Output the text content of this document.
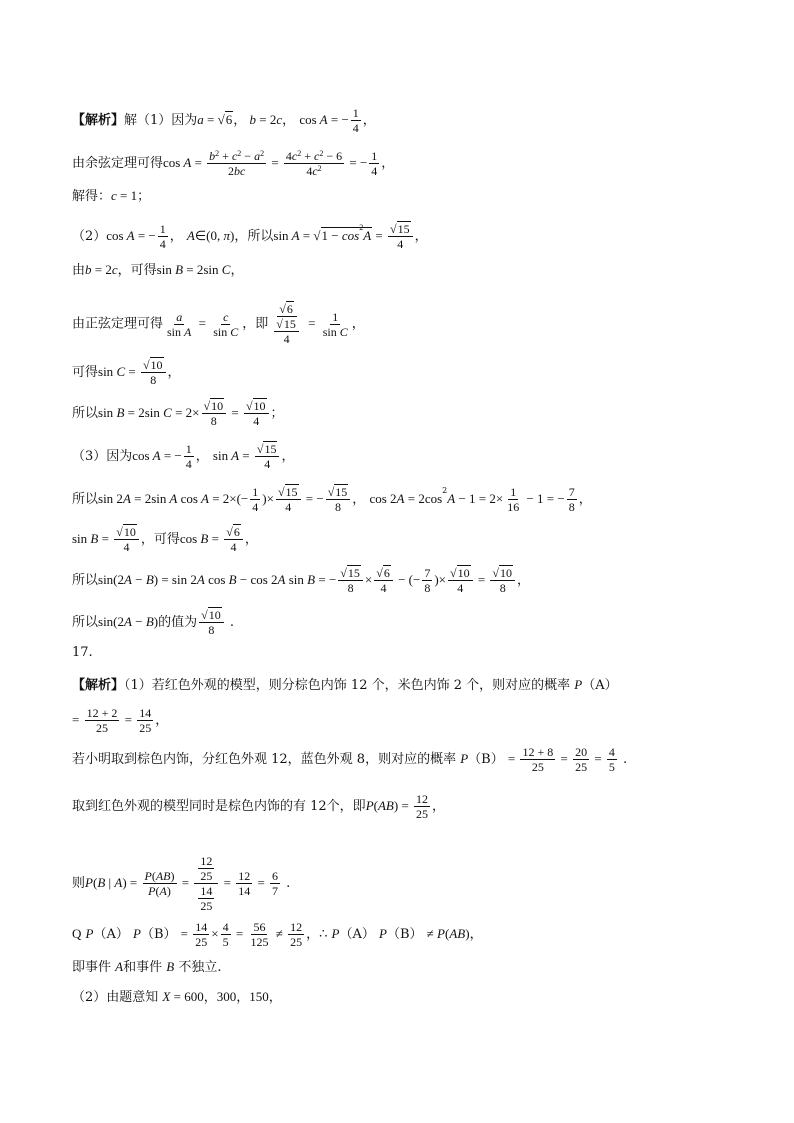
【解析】解（1）因为a = √6， b = 2c， cos A = − $\frac{1}{4}$ ，
由余弦定理可得$\cos A = \frac{b^2 + c^2 - a^2}{2bc} = \frac{4c^2 + c^2 - 6}{4c^2}$ = − $\frac{1}{4}$ ，
解得：c = 1；
（2）cos A = − $\frac{1}{4}$ ， A∈(0, π)，所以$\sin A = √1 - \cos^2A = \frac{√15}{4}$ ，
由b = 2c，可得sin B = 2sin C，
由正弦定理可得 $\frac{a}{\text{sin A}} = \frac{c}{\text{sin C}}$ ，即 $\frac{√6}{\frac{√15}{4}} = \frac{1}{\text{sin C}}$ ，
可得$\sin C = \frac{√10}{8}$ ，
所以sin B = 2sin $C = 2\times \frac{√10}{8} = \frac{√10}{4}$ ；
（3）因为cos A = − $\frac{1}{4}$ ， $\sin A = \frac{√15}{4}$ ，
所以sin 2A = 2sin A $\cos A = 2\times(- \frac{1}{4}$ )× $\frac{√15}{4}$ = − $\frac{√15}{8}$ ， $\cos 2A = 2\cos^2A - 1 = 2\times \frac{1}{16} - 1$ = − $\frac{7}{8}$ ，
$\sin B = \frac{√10}{4}$ ，可得$\cos B = \frac{√6}{4}$ ，
所以sin(2A − B) = sin 2A cos B − cos 2A sin B = − $\frac{√15}{8} \times \frac{√6}{4}$ − (− $\frac{7}{8}$ )× $\frac{√10}{4} = \frac{√10}{8}$ ，
所以sin(2A − B)的值为 $\frac{√10}{8}$ .
17.
【解析】（1）若红色外观的模型，则分棕色内饰 12 个，米色内饰 2 个，则对应的概率 P（A）
= $\frac{12 + 2}{25} = \frac{14}{25}$ ，
若小明取到棕色内饰，分红色外观 12，蓝色外观 8，则对应的概率 $P(B) = \frac{12 + 8}{25} = \frac{20}{25} = \frac{4}{5}$ .
取到红色外观的模型同时是棕色内饰的有 12个，即$P(AB) = \frac{12}{25}$ ，
则P(B | $A) = \frac{P(AB)}{P(A)} = \frac{\frac{12}{25}}{\frac{14}{25}} = \frac{12}{14} = \frac{6}{7}$ .
Q P（A） $P(B) = \frac{14}{25} \times \frac{4}{5} = \frac{56}{125} \ne \frac{12}{25}$ ，∴ P（A） P（B） ≠ P(AB)，
即事件 A和事件 B 不独立.
（2）由题意知 X = 600，300，150，
